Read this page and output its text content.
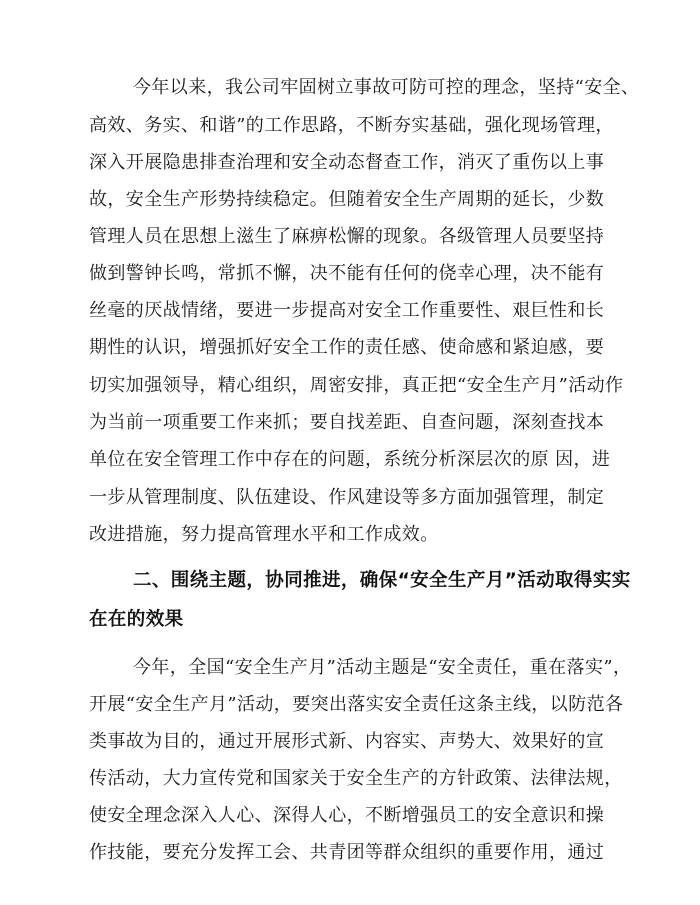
今年以来，我公司牢固树立事故可防可控的理念，坚持“安全、
高效、务实、和谐”的工作思路，不断夯实基础，强化现场管理，
深入开展隐患排查治理和安全动态督查工作，消灭了重伤以上事
故，安全生产形势持续稳定。但随着安全生产周期的延长，少数
管理人员在思想上滋生了麻痹松懈的现象。各级管理人员要坚持
做到警钟长鸣，常抓不懈，决不能有任何的侥幸心理，决不能有
丝毫的厌战情绪，要进一步提高对安全工作重要性、艰巨性和长
期性的认识，增强抓好安全工作的责任感、使命感和紧迫感，要
切实加强领导，精心组织，周密安排，真正把“安全生产月”活动作
为当前一项重要工作来抓；要自找差距、自查问题，深刻查找本
单位在安全管理工作中存在的问题，系统分析深层次的原 因，进
一步从管理制度、队伍建设、作风建设等多方面加强管理，制定
改进措施，努力提高管理水平和工作成效。
二、围绕主题，协同推进，确保“安全生产月”活动取得实实
在在的效果
今年，全国“安全生产月”活动主题是“安全责任，重在落实”，
开展“安全生产月”活动，要突出落实安全责任这条主线，以防范各
类事故为目的，通过开展形式新、内容实、声势大、效果好的宣
传活动，大力宣传党和国家关于安全生产的方针政策、法律法规，
使安全理念深入人心、深得人心，不断增强员工的安全意识和操
作技能，要充分发挥工会、共青团等群众组织的重要作用，通过
